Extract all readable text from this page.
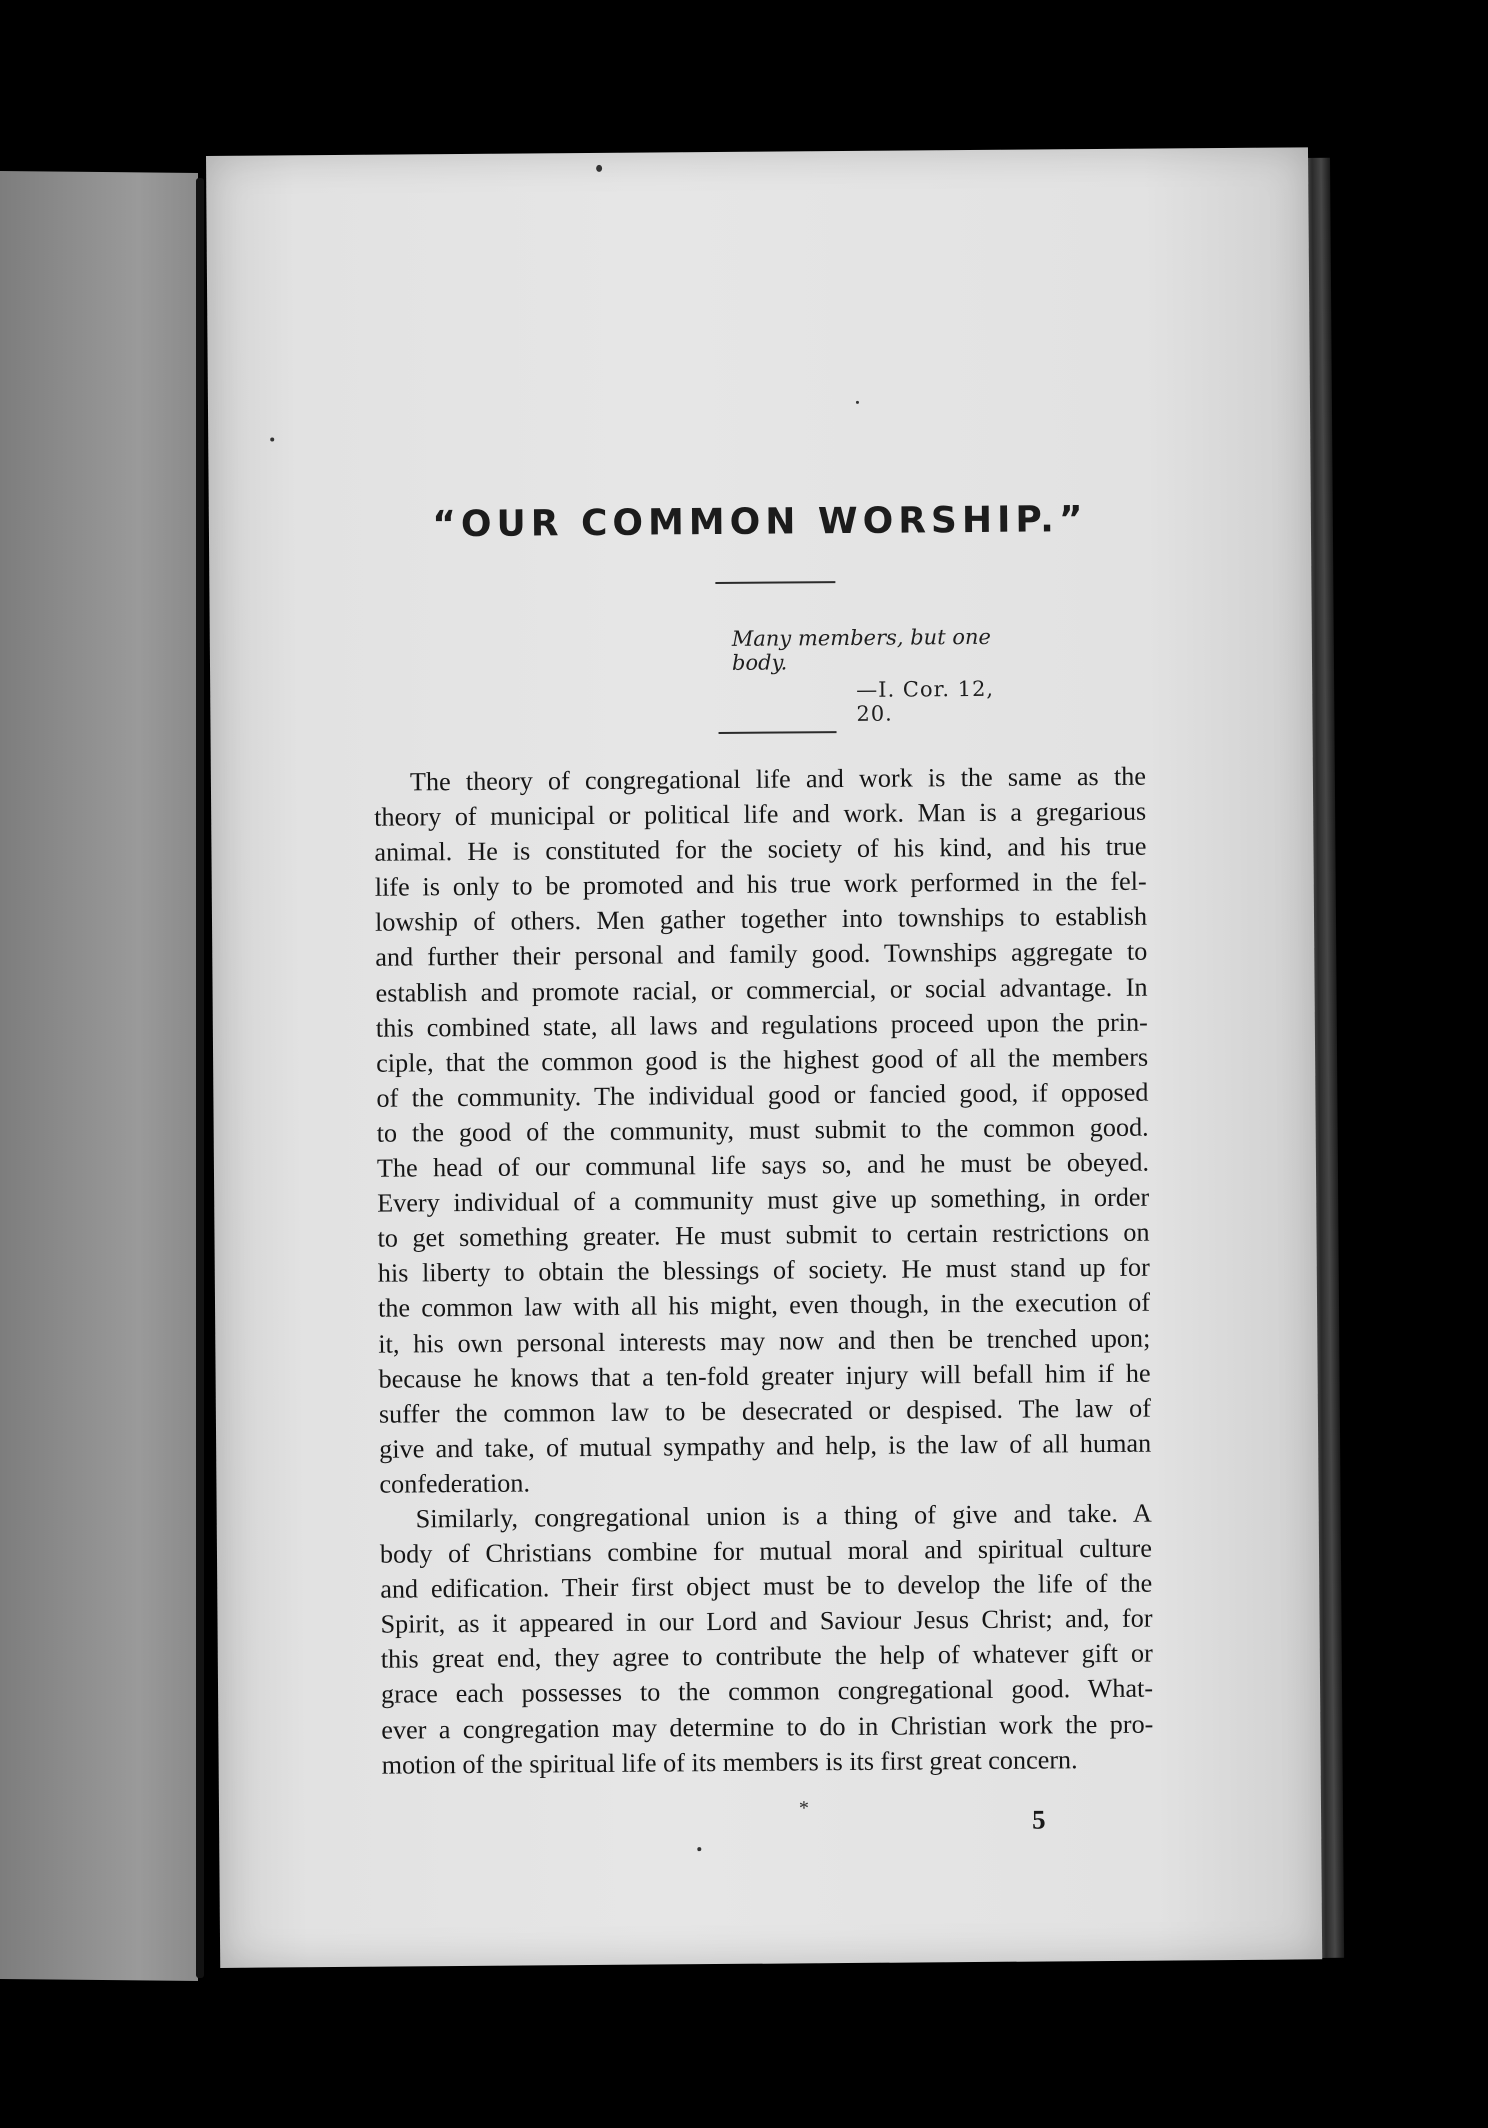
“OUR COMMON WORSHIP.”
Many members, but one body.
—I. Cor. 12, 20.
The theory of congregational life and work is the same as the
theory of municipal or political life and work. Man is a gregarious
animal. He is constituted for the society of his kind, and his true
life is only to be promoted and his true work performed in the fel-
lowship of others. Men gather together into townships to establish
and further their personal and family good. Townships aggregate to
establish and promote racial, or commercial, or social advantage. In
this combined state, all laws and regulations proceed upon the prin-
ciple, that the common good is the highest good of all the members
of the community. The individual good or fancied good, if opposed
to the good of the community, must submit to the common good.
The head of our communal life says so, and he must be obeyed.
Every individual of a community must give up something, in order
to get something greater. He must submit to certain restrictions on
his liberty to obtain the blessings of society. He must stand up for
the common law with all his might, even though, in the execution of
it, his own personal interests may now and then be trenched upon;
because he knows that a ten-fold greater injury will befall him if he
suffer the common law to be desecrated or despised. The law of
give and take, of mutual sympathy and help, is the law of all human
confederation.
Similarly, congregational union is a thing of give and take. A
body of Christians combine for mutual moral and spiritual culture
and edification. Their first object must be to develop the life of the
Spirit, as it appeared in our Lord and Saviour Jesus Christ; and, for
this great end, they agree to contribute the help of whatever gift or
grace each possesses to the common congregational good. What-
ever a congregation may determine to do in Christian work the pro-
motion of the spiritual life of its members is its first great concern.
*	5
